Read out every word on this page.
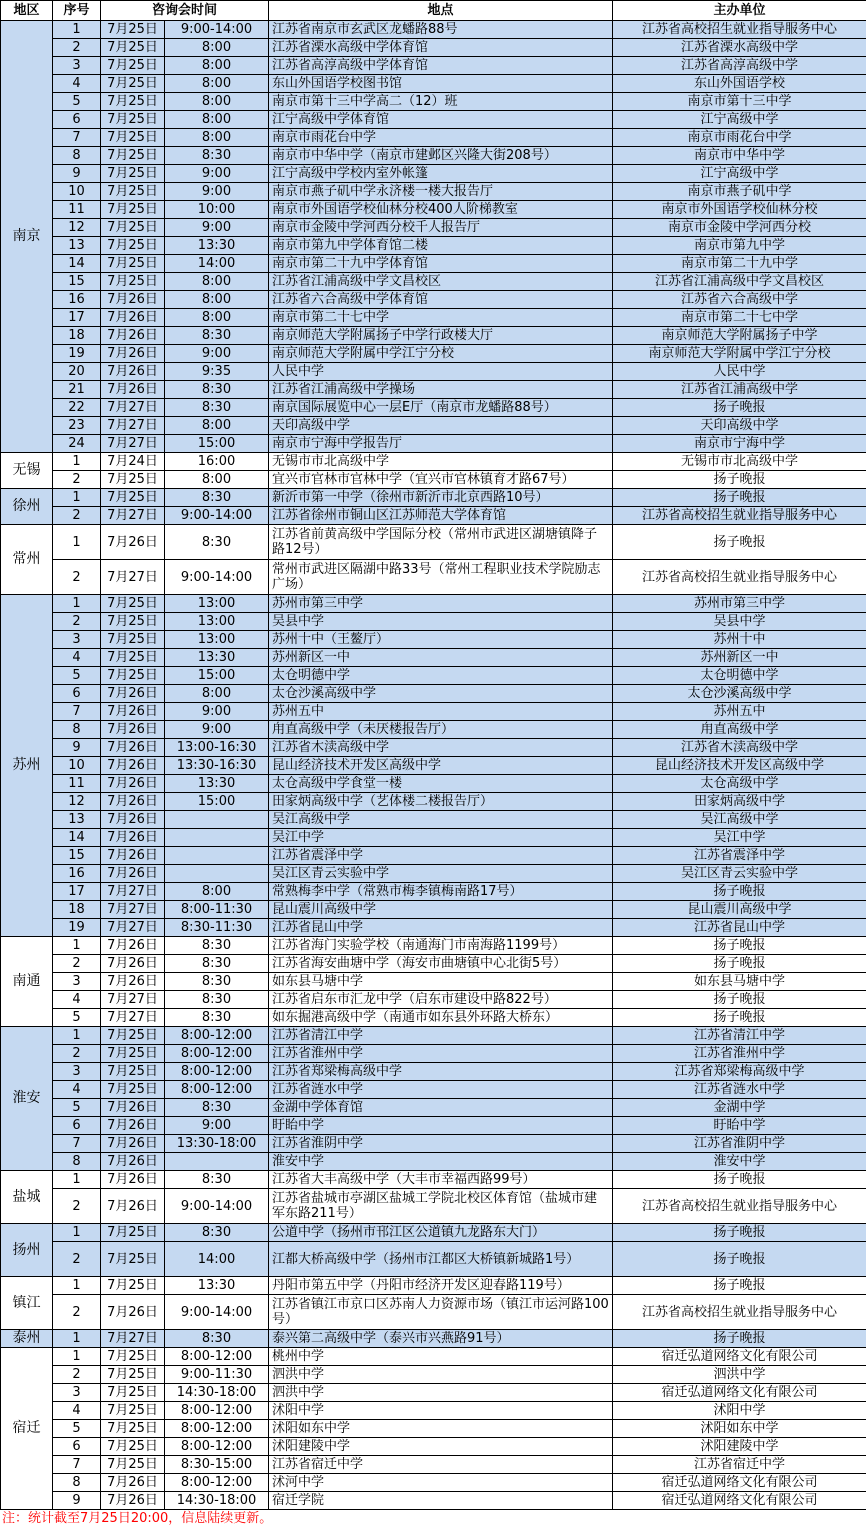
地区	序号	咨询会时间		地点	主办单位
南京	1	7月25日	9:00-14:00	江苏省南京市玄武区龙蟠路88号	江苏省高校招生就业指导服务中心
	2	7月25日	8:00	江苏省溧水高级中学体育馆	江苏省溧水高级中学
	3	7月25日	8:00	江苏省高淳高级中学体育馆	江苏省高淳高级中学
	4	7月25日	8:00	东山外国语学校图书馆	东山外国语学校
	5	7月25日	8:00	南京市第十三中学高二（12）班	南京市第十三中学
	6	7月25日	8:00	江宁高级中学体育馆	江宁高级中学
	7	7月25日	8:00	南京市雨花台中学	南京市雨花台中学
	8	7月25日	8:30	南京市中华中学（南京市建邺区兴隆大街208号）	南京市中华中学
	9	7月25日	9:00	江宁高级中学校内室外帐篷	江宁高级中学
	10	7月25日	9:00	南京市燕子矶中学永济楼一楼大报告厅	南京市燕子矶中学
	11	7月25日	10:00	南京市外国语学校仙林分校400人阶梯教室	南京市外国语学校仙林分校
	12	7月25日	9:00	南京市金陵中学河西分校千人报告厅	南京市金陵中学河西分校
	13	7月25日	13:30	南京市第九中学体育馆二楼	南京市第九中学
	14	7月25日	14:00	南京市第二十九中学体育馆	南京市第二十九中学
	15	7月25日	8:00	江苏省江浦高级中学文昌校区	江苏省江浦高级中学文昌校区
	16	7月26日	8:00	江苏省六合高级中学体育馆	江苏省六合高级中学
	17	7月26日	8:00	南京市第二十七中学	南京市第二十七中学
	18	7月26日	8:30	南京师范大学附属扬子中学行政楼大厅	南京师范大学附属扬子中学
	19	7月26日	9:00	南京师范大学附属中学江宁分校	南京师范大学附属中学江宁分校
	20	7月26日	9:35	人民中学	人民中学
	21	7月26日	8:30	江苏省江浦高级中学操场	江苏省江浦高级中学
	22	7月27日	8:30	南京国际展览中心一层E厅（南京市龙蟠路88号）	扬子晚报
	23	7月27日	8:00	天印高级中学	天印高级中学
	24	7月27日	15:00	南京市宁海中学报告厅	南京市宁海中学
无锡	1	7月24日	16:00	无锡市市北高级中学	无锡市市北高级中学
	2	7月25日	8:00	宜兴市官林市官林中学（宜兴市官林镇育才路67号）	扬子晚报
徐州	1	7月25日	8:30	新沂市第一中学（徐州市新沂市北京西路10号）	扬子晚报
	2	7月27日	9:00-14:00	江苏省徐州市铜山区江苏师范大学体育馆	江苏省高校招生就业指导服务中心
常州	1	7月26日	8:30	江苏省前黄高级中学国际分校（常州市武进区湖塘镇降子路12号）	扬子晚报
	2	7月27日	9:00-14:00	常州市武进区隔湖中路33号（常州工程职业技术学院励志广场）	江苏省高校招生就业指导服务中心
苏州	1	7月25日	13:00	苏州市第三中学	苏州市第三中学
	2	7月25日	13:00	吴县中学	吴县中学
	3	7月25日	13:00	苏州十中（王鳌厅）	苏州十中
	4	7月25日	13:30	苏州新区一中	苏州新区一中
	5	7月25日	15:00	太仓明德中学	太仓明德中学
	6	7月26日	8:00	太仓沙溪高级中学	太仓沙溪高级中学
	7	7月26日	9:00	苏州五中	苏州五中
	8	7月26日	9:00	甪直高级中学（未厌楼报告厅）	甪直高级中学
	9	7月26日	13:00-16:30	江苏省木渎高级中学	江苏省木渎高级中学
	10	7月26日	13:30-16:30	昆山经济技术开发区高级中学	昆山经济技术开发区高级中学
	11	7月26日	13:30	太仓高级中学食堂一楼	太仓高级中学
	12	7月26日	15:00	田家炳高级中学（艺体楼二楼报告厅）	田家炳高级中学
	13	7月26日		吴江高级中学	吴江高级中学
	14	7月26日		吴江中学	吴江中学
	15	7月26日		江苏省震泽中学	江苏省震泽中学
	16	7月26日		吴江区青云实验中学	吴江区青云实验中学
	17	7月27日	8:00	常熟梅李中学（常熟市梅李镇梅南路17号）	扬子晚报
	18	7月27日	8:00-11:30	昆山震川高级中学	昆山震川高级中学
	19	7月27日	8:30-11:30	江苏省昆山中学	江苏省昆山中学
南通	1	7月26日	8:30	江苏省海门实验学校（南通海门市南海路1199号）	扬子晚报
	2	7月26日	8:30	江苏省海安曲塘中学（海安市曲塘镇中心北街5号）	扬子晚报
	3	7月26日	8:30	如东县马塘中学	如东县马塘中学
	4	7月27日	8:30	江苏省启东市汇龙中学（启东市建设中路822号）	扬子晚报
	5	7月27日	8:30	如东掘港高级中学（南通市如东县外环路大桥东）	扬子晚报
淮安	1	7月25日	8:00-12:00	江苏省清江中学	江苏省清江中学
	2	7月25日	8:00-12:00	江苏省淮州中学	江苏省淮州中学
	3	7月25日	8:00-12:00	江苏省郑梁梅高级中学	江苏省郑梁梅高级中学
	4	7月25日	8:00-12:00	江苏省涟水中学	江苏省涟水中学
	5	7月26日	8:30	金湖中学体育馆	金湖中学
	6	7月26日	9:00	盱眙中学	盱眙中学
	7	7月26日	13:30-18:00	江苏省淮阴中学	江苏省淮阴中学
	8	7月26日		淮安中学	淮安中学
盐城	1	7月26日	8:30	江苏省大丰高级中学（大丰市幸福西路99号）	扬子晚报
	2	7月26日	9:00-14:00	江苏省盐城市亭湖区盐城工学院北校区体育馆（盐城市建军东路211号）	江苏省高校招生就业指导服务中心
扬州	1	7月25日	8:30	公道中学（扬州市邗江区公道镇九龙路东大门）	扬子晚报
	2	7月25日	14:00	江都大桥高级中学（扬州市江都区大桥镇新城路1号）	扬子晚报
镇江	1	7月25日	13:30	丹阳市第五中学（丹阳市经济开发区迎春路119号）	扬子晚报
	2	7月26日	9:00-14:00	江苏省镇江市京口区苏南人力资源市场（镇江市运河路100号）	江苏省高校招生就业指导服务中心
泰州	1	7月27日	8:30	泰兴第二高级中学（泰兴市兴燕路91号）	扬子晚报
宿迁	1	7月25日	8:00-12:00	桃州中学	宿迁弘道网络文化有限公司
	2	7月25日	9:00-11:30	泗洪中学	泗洪中学
	3	7月25日	14:30-18:00	泗洪中学	宿迁弘道网络文化有限公司
	4	7月25日	8:00-12:00	沭阳中学	沭阳中学
	5	7月25日	8:00-12:00	沭阳如东中学	沭阳如东中学
	6	7月25日	8:00-12:00	沭阳建陵中学	沭阳建陵中学
	7	7月25日	8:30-15:00	江苏省宿迁中学	江苏省宿迁中学
	8	7月26日	8:00-12:00	沭河中学	宿迁弘道网络文化有限公司
	9	7月26日	14:30-18:00	宿迁学院	宿迁弘道网络文化有限公司
注：统计截至7月25日20:00，信息陆续更新。
